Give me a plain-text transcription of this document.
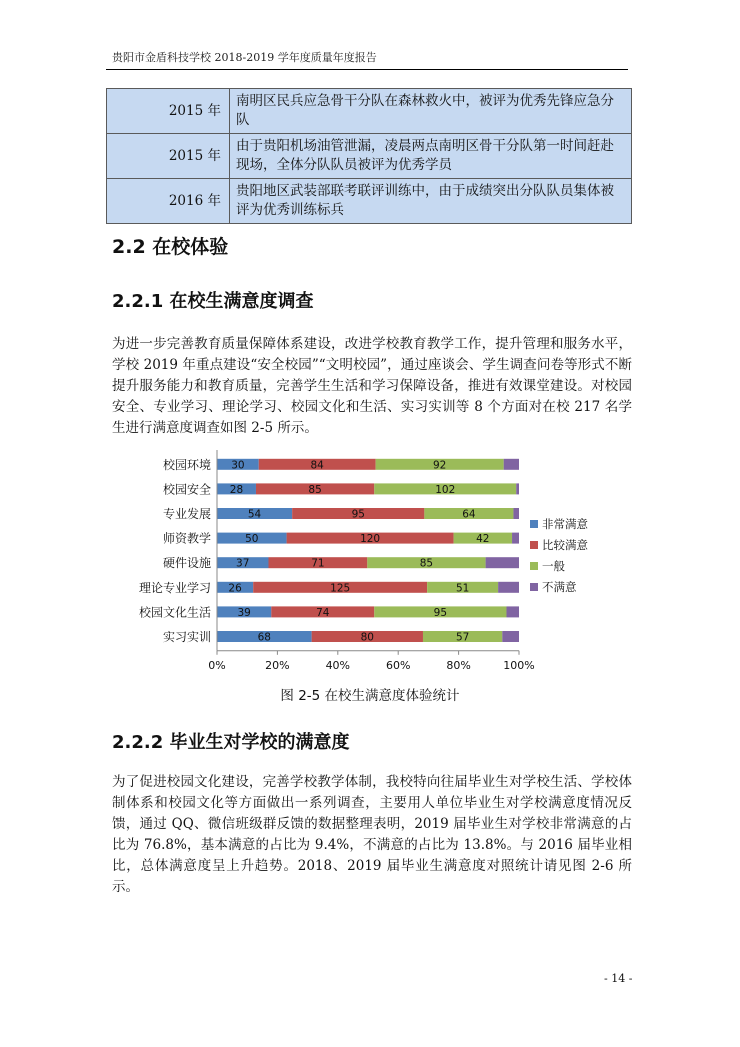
贵阳市金盾科技学校 2018-2019 学年度质量年度报告
2015 年	南明区民兵应急骨干分队在森林救火中，被评为优秀先锋应急分队
2015 年	由于贵阳机场油管泄漏，凌晨两点南明区骨干分队第一时间赶赴现场，全体分队队员被评为优秀学员
2016 年	贵阳地区武装部联考联评训练中，由于成绩突出分队队员集体被评为优秀训练标兵
2.2 在校体验
2.2.1 在校生满意度调查
为进一步完善教育质量保障体系建设，改进学校教育教学工作，提升管理和服务水平，学校 2019 年重点建设“安全校园”“文明校园”，通过座谈会、学生调查问卷等形式不断提升服务能力和教育质量，完善学生生活和学习保障设备，推进有效课堂建设。对校园安全、专业学习、理论学习、校园文化和生活、实习实训等 8 个方面对在校 217 名学生进行满意度调查如图 2-5 所示。
30	84	92
28	85	102
54	95	64
50	120	42
37	71	85
26	125	51
39	74	95
68	80	57
校园环境
校园安全
专业发展
师资教学
硬件设施
理论专业学习
校园文化生活
实习实训
0%	20%	40%	60%	80%	100%
非常满意
比较满意
一般
不满意
图 2-5 在校生满意度体验统计
2.2.2 毕业生对学校的满意度
为了促进校园文化建设，完善学校教学体制，我校特向往届毕业生对学校生活、学校体制体系和校园文化等方面做出一系列调查，主要用人单位毕业生对学校满意度情况反馈，通过 QQ、微信班级群反馈的数据整理表明，2019 届毕业生对学校非常满意的占比为 76.8%，基本满意的占比为 9.4%，不满意的占比为 13.8%。与 2016 届毕业相比，总体满意度呈上升趋势。2018、2019 届毕业生满意度对照统计请见图 2-6 所示。
- 14 -
